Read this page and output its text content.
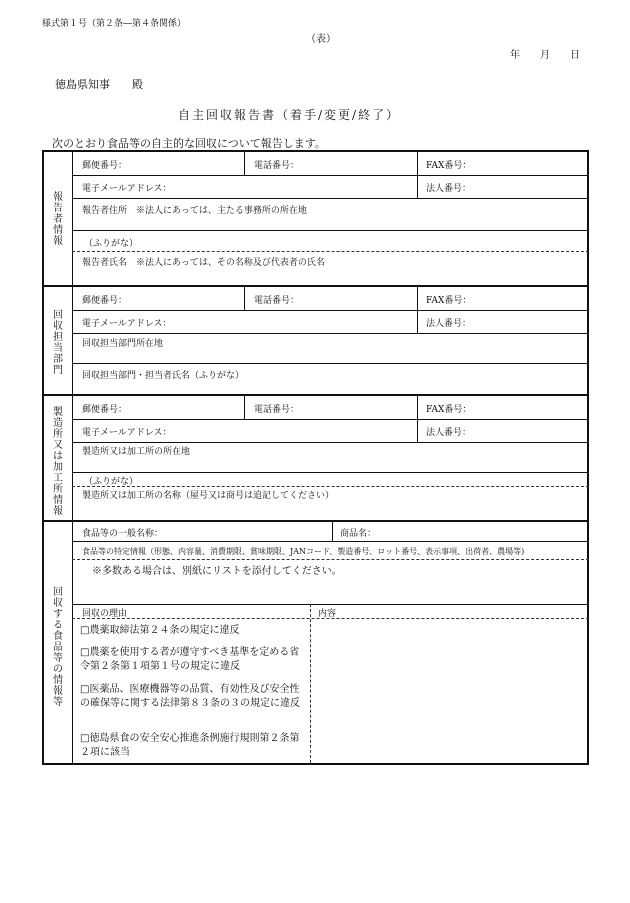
様式第１号（第２条―第４条関係）
（表）
年　　月　　日
徳島県知事　　殿
自主回収報告書（着手/変更/終了）
次のとおり食品等の自主的な回収について報告します。
報告者情報
郵便番号：	電話番号：	FAX番号：
電子メールアドレス：	法人番号：
報告者住所　※法人にあっては、主たる事務所の所在地
（ふりがな）
報告者氏名　※法人にあっては、その名称及び代表者の氏名
回収担当部門
郵便番号：	電話番号：	FAX番号：
電子メールアドレス：	法人番号：
回収担当部門所在地
回収担当部門・担当者氏名（ふりがな）
製造所又は加工所情報
郵便番号：	電話番号：	FAX番号：
電子メールアドレス：	法人番号：
製造所又は加工所の所在地
（ふりがな）
製造所又は加工所の名称（屋号又は商号は追記してください）
回収する食品等の情報等
食品等の一般名称：	商品名：
食品等の特定情報（形態、内容量、消費期限、賞味期限、JANコード、製造番号、ロット番号、表示事項、出荷者、農場等)
※多数ある場合は、別紙にリストを添付してください。
回収の理由	内容
□農薬取締法第２４条の規定に違反
□農薬を使用する者が遵守すべき基準を定める省令第２条第１項第１号の規定に違反
□医薬品、医療機器等の品質、有効性及び安全性の確保等に関する法律第８３条の３の規定に違反
□徳島県食の安全安心推進条例施行規則第２条第２項に該当
